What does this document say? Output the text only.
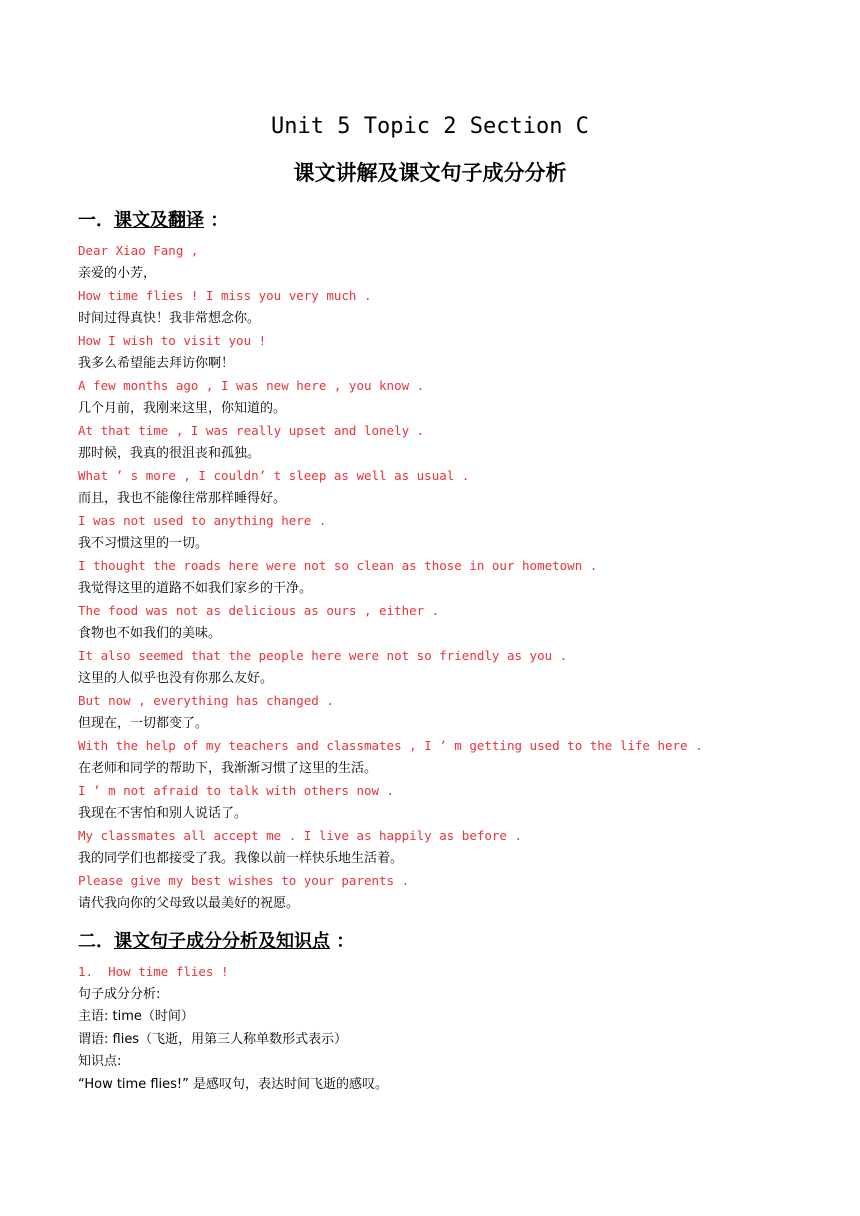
Unit 5 Topic 2 Section C
课文讲解及课文句子成分分析
一．课文及翻译 ：
Dear Xiao Fang ,
亲爱的小芳，
How time flies ! I miss you very much .
时间过得真快！我非常想念你。
How I wish to visit you !
我多么希望能去拜访你啊！
A few months ago , I was new here , you know .
几个月前，我刚来这里，你知道的。
At that time , I was really upset and lonely .
那时候，我真的很沮丧和孤独。
What ’ s more , I couldn’ t sleep as well as usual .
而且，我也不能像往常那样睡得好。
I was not used to anything here .
我不习惯这里的一切。
I thought the roads here were not so clean as those in our hometown .
我觉得这里的道路不如我们家乡的干净。
The food was not as delicious as ours , either .
食物也不如我们的美味。
It also seemed that the people here were not so friendly as you .
这里的人似乎也没有你那么友好。
But now , everything has changed .
但现在，一切都变了。
With the help of my teachers and classmates , I ’ m getting used to the life here .
在老师和同学的帮助下，我渐渐习惯了这里的生活。
I ’ m not afraid to talk with others now .
我现在不害怕和别人说话了。
My classmates all accept me . I live as happily as before .
我的同学们也都接受了我。我像以前一样快乐地生活着。
Please give my best wishes to your parents .
请代我向你的父母致以最美好的祝愿。
二．课文句子成分分析及知识点 ：
1.  How time flies !
句子成分分析:
主语: time（时间）
谓语: flies（飞逝，用第三人称单数形式表示）
知识点:
“How time flies!” 是感叹句，表达时间飞逝的感叹。
